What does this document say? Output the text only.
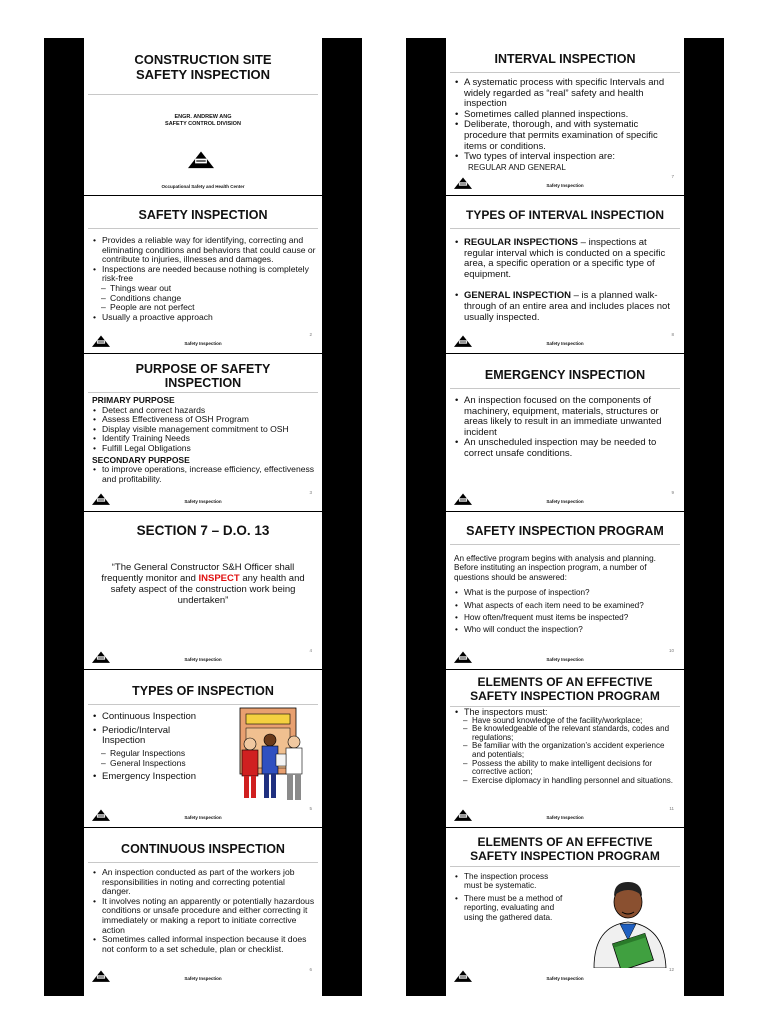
CONSTRUCTION SITE
SAFETY INSPECTION
ENGR. ANDREW ANG
SAFETY CONTROL DIVISION
Occupational Safety and Health Center
SAFETY INSPECTION
• Provides a reliable way for identifying, correcting and eliminating conditions and behaviors that could cause or contribute to injuries, illnesses and damages.
• Inspections are needed because nothing is completely risk-free
– Things wear out
– Conditions change
– People are not perfect
• Usually a proactive approach
Safety Inspection
2
PURPOSE OF SAFETY
INSPECTION
PRIMARY PURPOSE
• Detect and correct hazards
• Assess Effectiveness of OSH Program
• Display visible management commitment to OSH
• Identify Training Needs
• Fulfill Legal Obligations
SECONDARY PURPOSE
• to improve operations, increase efficiency, effectiveness and profitability.
Safety Inspection
3
SECTION 7 – D.O. 13
“The General Constructor S&H Officer shall frequently monitor and INSPECT any health and safety aspect of the construction work being undertaken”
Safety Inspection
4
TYPES OF INSPECTION
• Continuous Inspection
• Periodic/Interval Inspection
– Regular Inspections
– General Inspections
• Emergency Inspection
Safety Inspection
5
CONTINUOUS INSPECTION
• An inspection conducted as part of the workers job responsibilities in noting and correcting potential danger.
• It involves noting an apparently or potentially hazardous conditions or unsafe procedure and either correcting it immediately or making a report to initiate corrective action
• Sometimes called informal inspection because it does not conform to a set schedule, plan or checklist.
Safety Inspection
6
INTERVAL INSPECTION
• A systematic process with specific Intervals and widely regarded as “real” safety and health inspection
• Sometimes called planned inspections.
• Deliberate, thorough, and with systematic procedure that permits examination of specific items or conditions.
• Two types of interval inspection are:
REGULAR AND GENERAL
Safety Inspection
7
TYPES OF INTERVAL INSPECTION
• REGULAR INSPECTIONS – inspections at regular interval which is conducted on a specific area, a specific operation or a specific type of equipment.
• GENERAL INSPECTION – is a planned walk-through of an entire area and includes places not usually inspected.
Safety Inspection
8
EMERGENCY INSPECTION
• An inspection focused on the components of machinery, equipment, materials, structures or areas likely to result in an immediate unwanted incident
• An unscheduled inspection may be needed to correct unsafe conditions.
Safety Inspection
9
SAFETY INSPECTION PROGRAM
An effective program begins with analysis and planning. Before instituting an inspection program, a number of questions should be answered:
• What is the purpose of inspection?
• What aspects of each item need to be examined?
• How often/frequent must items be inspected?
• Who will conduct the inspection?
Safety Inspection
10
ELEMENTS OF AN EFFECTIVE
SAFETY INSPECTION PROGRAM
• The inspectors must:
– Have sound knowledge of the facility/workplace;
– Be knowledgeable of the relevant standards, codes and regulations;
– Be familiar with the organization’s accident experience and potentials;
– Possess the ability to make intelligent decisions for corrective action;
– Exercise diplomacy in handling personnel and situations.
Safety Inspection
11
ELEMENTS OF AN EFFECTIVE
SAFETY INSPECTION PROGRAM
• The inspection process must be systematic.
• There must be a method of reporting, evaluating and using the gathered data.
Safety Inspection
12
